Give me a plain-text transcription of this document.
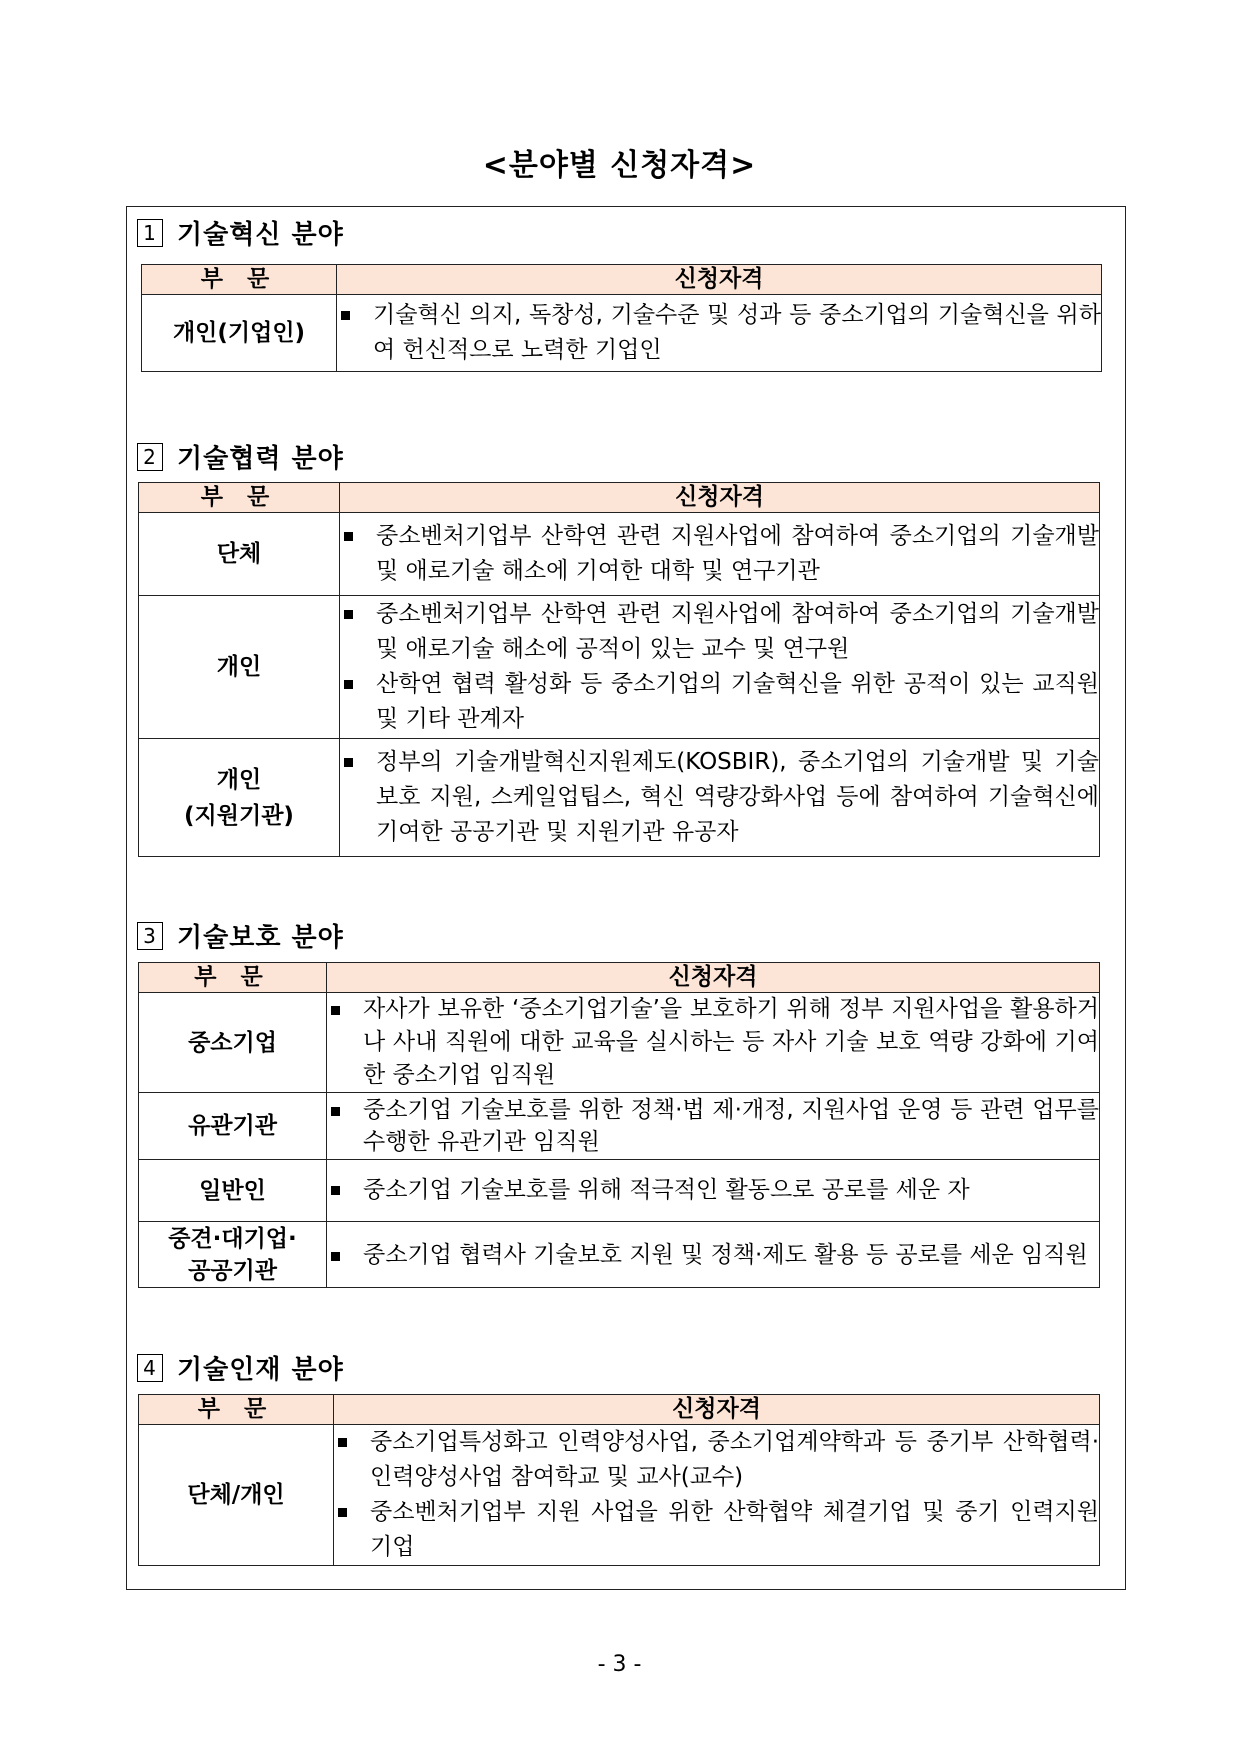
<분야별 신청자격>
1 기술혁신 분야
부 문	신청자격

개인(기업인)	기술혁신 의지, 독창성, 기술수준 및 성과 등 중소기업의 기술혁신을 위하여 헌신적으로 노력한 기업인
2 기술협력 분야
부 문	신청자격

단체	중소벤처기업부 산학연 관련 지원사업에 참여하여 중소기업의 기술개발 및 애로기술 해소에 기여한 대학 및 연구기관

개인	중소벤처기업부 산학연 관련 지원사업에 참여하여 중소기업의 기술개발 및 애로기술 해소에 공적이 있는 교수 및 연구원
산학연 협력 활성화 등 중소기업의 기술혁신을 위한 공적이 있는 교직원 및 기타 관계자

개인
(지원기관)	정부의 기술개발혁신지원제도(KOSBIR), 중소기업의 기술개발 및 기술보호 지원, 스케일업팁스, 혁신 역량강화사업 등에 참여하여 기술혁신에 기여한 공공기관 및 지원기관 유공자
3 기술보호 분야
부 문	신청자격

중소기업	자사가 보유한 ‘중소기업기술’을 보호하기 위해 정부 지원사업을 활용하거나 사내 직원에 대한 교육을 실시하는 등 자사 기술 보호 역량 강화에 기여한 중소기업 임직원

유관기관	중소기업 기술보호를 위한 정책·법 제·개정, 지원사업 운영 등 관련 업무를 수행한 유관기관 임직원

일반인	중소기업 기술보호를 위해 적극적인 활동으로 공로를 세운 자

중견·대기업·
공공기관	중소기업 협력사 기술보호 지원 및 정책·제도 활용 등 공로를 세운 임직원
4 기술인재 분야
부 문	신청자격

단체/개인	중소기업특성화고 인력양성사업, 중소기업계약학과 등 중기부 산학협력·인력양성사업 참여학교 및 교사(교수)
중소벤처기업부 지원 사업을 위한 산학협약 체결기업 및 중기 인력지원 기업
- 3 -
